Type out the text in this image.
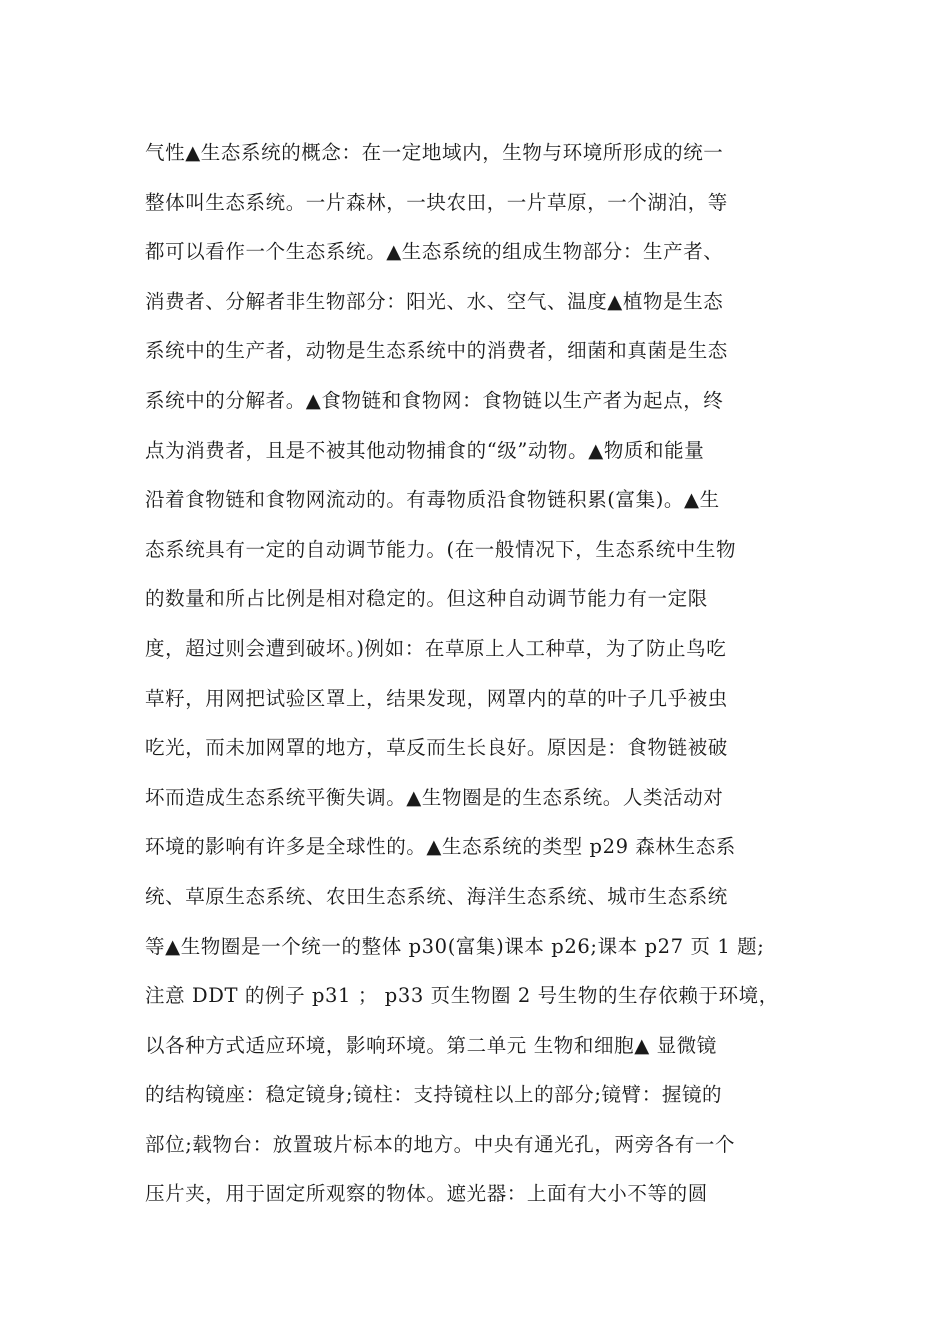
气性▲生态系统的概念：在一定地域内，生物与环境所形成的统一
整体叫生态系统。一片森林，一块农田，一片草原，一个湖泊，等
都可以看作一个生态系统。▲生态系统的组成生物部分：生产者、
消费者、分解者非生物部分：阳光、水、空气、温度▲植物是生态
系统中的生产者，动物是生态系统中的消费者，细菌和真菌是生态
系统中的分解者。▲食物链和食物网：食物链以生产者为起点，终
点为消费者，且是不被其他动物捕食的“级”动物。▲物质和能量
沿着食物链和食物网流动的。有毒物质沿食物链积累(富集)。▲生
态系统具有一定的自动调节能力。(在一般情况下，生态系统中生物
的数量和所占比例是相对稳定的。但这种自动调节能力有一定限
度，超过则会遭到破坏。)例如：在草原上人工种草，为了防止鸟吃
草籽，用网把试验区罩上，结果发现，网罩内的草的叶子几乎被虫
吃光，而未加网罩的地方，草反而生长良好。原因是：食物链被破
坏而造成生态系统平衡失调。▲生物圈是的生态系统。人类活动对
环境的影响有许多是全球性的。▲生态系统的类型 p29 森林生态系
统、草原生态系统、农田生态系统、海洋生态系统、城市生态系统
等▲生物圈是一个统一的整体 p30(富集)课本 p26;课本 p27 页 1 题;
注意 DDT 的例子 p31 ； p33 页生物圈 2 号生物的生存依赖于环境，
以各种方式适应环境，影响环境。第二单元 生物和细胞▲ 显微镜
的结构镜座：稳定镜身;镜柱：支持镜柱以上的部分;镜臂：握镜的
部位;载物台：放置玻片标本的地方。中央有通光孔，两旁各有一个
压片夹，用于固定所观察的物体。遮光器：上面有大小不等的圆
